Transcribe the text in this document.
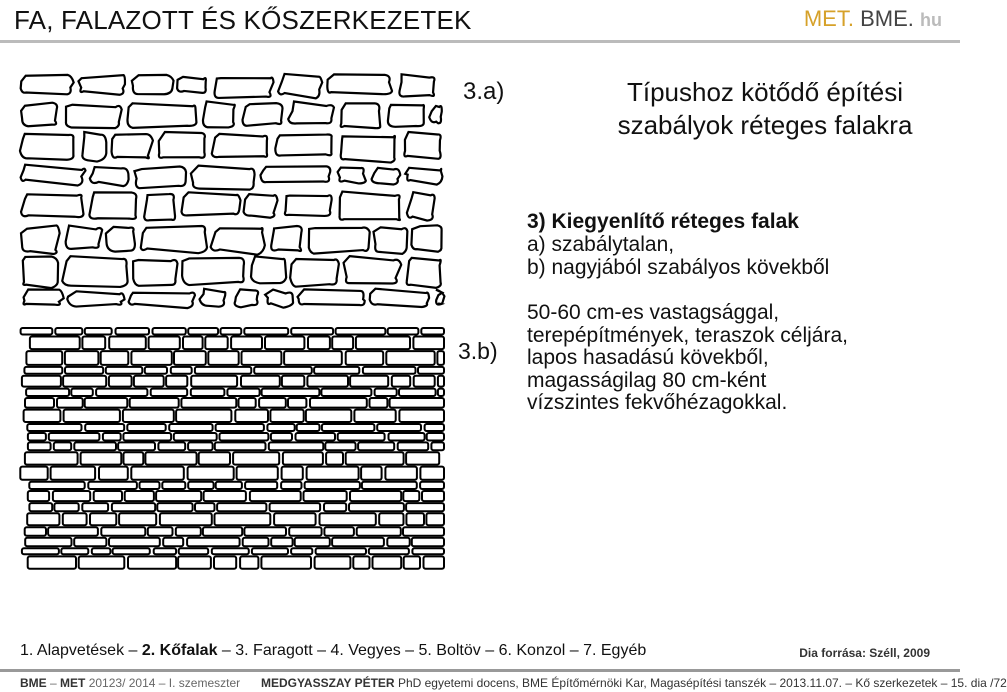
FA, FALAZOTT ÉS KŐSZERKEZETEK	MET. BME. hu
3.a)
3.b)
Típushoz kötődő építési
szabályok réteges falakra
3) Kiegyenlítő réteges falak
a) szabálytalan,
b) nagyjából szabályos kövekből
50-60 cm-es vastagsággal,
terepépítmények, teraszok céljára,
lapos hasadású kövekből,
magasságilag 80 cm-ként
vízszintes fekvőhézagokkal.
1. Alapvetések – 2. Kőfalak – 3. Faragott – 4. Vegyes – 5. Boltöv – 6. Konzol – 7. Egyéb	Dia forrása: Széll, 2009
BME – MET 20123/ 2014 – I. szemeszter MEDGYASSZAY PÉTER PhD egyetemi docens, BME Építőmérnöki Kar, Magasépítési tanszék – 2013.11.07. – Kő szerkezetek – 15. dia /72
